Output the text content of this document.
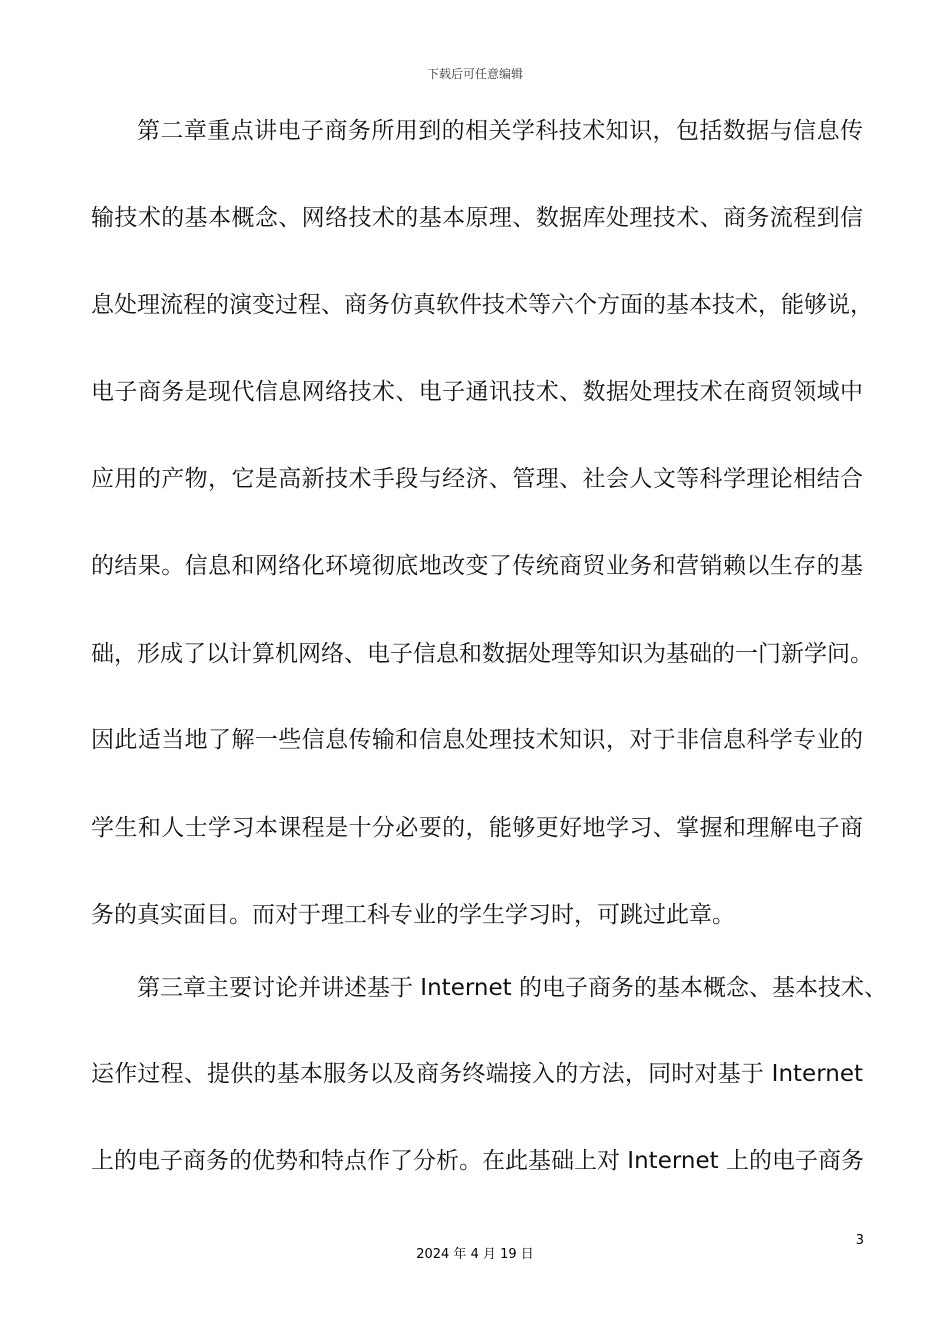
下载后可任意编辑
第二章重点讲电子商务所用到的相关学科技术知识，包括数据与信息传
输技术的基本概念、网络技术的基本原理、数据库处理技术、商务流程到信
息处理流程的演变过程、商务仿真软件技术等六个方面的基本技术，能够说，
电子商务是现代信息网络技术、电子通讯技术、数据处理技术在商贸领域中
应用的产物，它是高新技术手段与经济、管理、社会人文等科学理论相结合
的结果。信息和网络化环境彻底地改变了传统商贸业务和营销赖以生存的基
础，形成了以计算机网络、电子信息和数据处理等知识为基础的一门新学问。
因此适当地了解一些信息传输和信息处理技术知识，对于非信息科学专业的
学生和人士学习本课程是十分必要的，能够更好地学习、掌握和理解电子商
务的真实面目。而对于理工科专业的学生学习时，可跳过此章。
第三章主要讨论并讲述基于 Internet 的电子商务的基本概念、基本技术、
运作过程、提供的基本服务以及商务终端接入的方法，同时对基于 Internet
上的电子商务的优势和特点作了分析。在此基础上对 Internet 上的电子商务
3
2024 年 4 月 19 日
